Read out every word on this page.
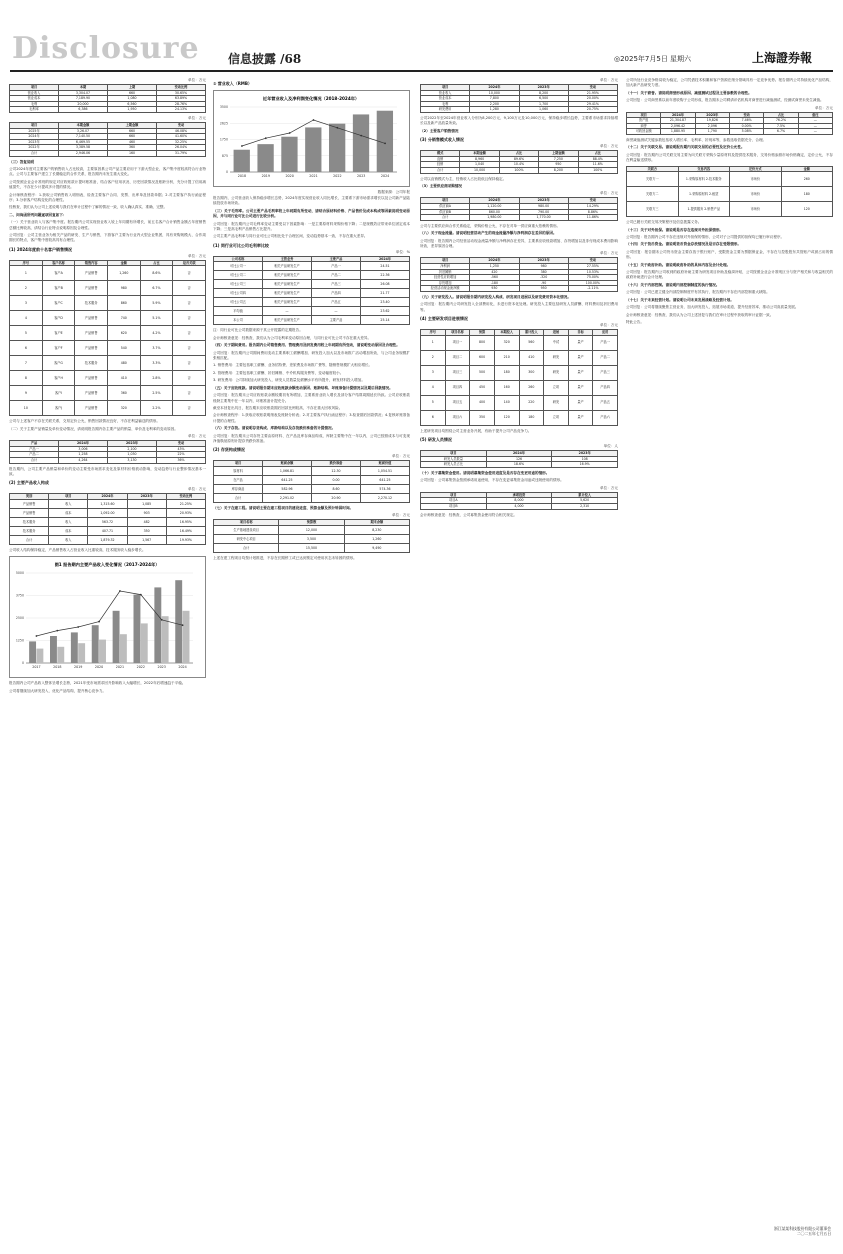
Disclosure 信息披露 /68	◎2025年7月5日 星期六	上海證券報
单位：万元
项目	本期	上期	变动比例
营业收入	3,304.07	660	30.65%
营业成本	7,189.90	1,080	63.89%
毛利	20,000	6,560	28.76%
毛利率	6,386	1,950	24.13%
单位：万元
项目	本期金额	上期金额	变动
2025年	3,26.07	660	46.08%
2024年	7,140.50	660	41.60%
2023年	6,469.55	460	32.25%
2022年	3,389.58	360	26.04%
合计	2,946.06	160	31.79%

（三）答复说明

公司2024年度对主要客户的销售收入占比较高，主要原因系公司产品主要应用于下游大型企业，客户集中度较高符合行业特点。公司与主要客户建立了长期稳定的合作关系，报告期内未发生重大变化。

公司按照企业会计准则的规定对应收账款计提坏账准备，结合客户信用状况、历史回款情况及账龄分析，充分计提了信用减值损失，不存在少计提或多计提的情况。

会计师核查程序：1.获取公司销售收入明细表，检查主要客户合同、发票、出库单及回款单据；2.对主要客户执行函证程序；3.分析客户结构变化的合理性。

经核查，我们认为公司上述说明与我们在审计过程中了解的情况一致，收入确认真实、准确、完整。

二、问询函所列问题逐项回复如下：

（一）关于营业收入与客户集中度。报告期内公司实现营业收入较上年同期有所增长，前五名客户合计销售金额占年度销售总额比例较高，请结合行业特点说明原因及合理性。

公司回复：公司主营业务为相关产品的研发、生产与销售，下游客户主要为行业内大型企业集团，具有采购规模大、合作周期长的特点，客户集中度较高具有合理性。

(1) 2024年度前十名客户销售情况
单位：万元
序号	客户名称	销售内容	金额	占比	是否关联
1	客户A	产品销售	1,260	8.6%	否
2	客户B	产品销售	980	6.7%	否
3	客户C	技术服务	860	5.9%	否
4	客户D	产品销售	740	5.1%	否
5	客户E	产品销售	620	4.2%	否
6	客户F	产品销售	540	3.7%	否
7	客户G	技术服务	480	3.3%	否
8	客户H	产品销售	410	2.8%	否
9	客户I	产品销售	360	2.5%	否
10	客户J	产品销售	320	2.2%	否

公司与上述客户不存在关联关系，交易定价公允，销售回款情况良好，不存在利益输送的情形。

（二）关于主要产品销量及单价变动情况，请说明报告期内各主要产品的销量、单价及毛利率的变动原因。

单位：万元
产品	2024年	2023年	变动
产品一	3,006	2,100	43%
产品二	1,258	1,030	22%
合计	4,264	3,130	36%

报告期内，公司主要产品销量和单价的变动主要受市场需求变化及原材料价格波动影响，变动趋势与行业整体情况基本一致。

(2) 主要产品收入构成
单位：万元
类别	项目	2024年	2023年	变动比例
产品销售	收入	1,315.60	1,085	21.25%
产品销售	成本	1,092.00	903	20.93%
技术服务	收入	563.72	482	16.95%
技术服务	成本	407.71	350	16.49%
合计	收入	1,879.32	1,567	19.93%

公司收入结构保持稳定，产品销售收入占营业收入比重较高，技术服务收入稳步增长。

图1 报告期内主要产品收入变化情况（2017-2024年）
0
1250
2500
3750
5000
2017	2018	2019	2020	2021	2022	2023	2024

报告期内公司产品收入整体呈增长态势，2021年受市场需求回升影响收入大幅增长，2022年后增速趋于平稳。

公司将继续加大研发投入，优化产品结构，提升核心竞争力。

② 营业收入（RMB）
近年营业收入及净利润变化情况（2018-2024年）
0
875
1750
2625
3500
2018	2019	2020	2021	2022	2023	2024
数据来源：公司年报

报告期内，公司营业收入保持稳步增长态势，2024年度实现营业收入同比增长，主要系下游市场需求增长以及公司新产品陆续投放市场所致。

（三）关于毛利率。公司主要产品毛利率较上年同期有所变动，请结合原材料价格、产品售价及成本构成等因素说明变动原因，并与同行业可比公司进行比较分析。

公司回复：报告期内公司毛利率变动主要受以下因素影响：一是主要原材料采购价格下降；二是规模效应带来单位固定成本下降；三是高毛利产品销售占比提升。

公司主要产品毛利率与同行业可比公司相比处于合理区间，变动趋势基本一致，不存在重大差异。

(1) 同行业可比公司毛利率比较
单位：%
公司名称	主营业务	主要产品	2024年
可比公司一	相关产品研发生产	产品一	24.51
可比公司二	相关产品研发生产	产品二	22.36
可比公司三	相关产品研发生产	产品三	26.08
可比公司四	相关产品研发生产	产品四	21.77
可比公司五	相关产品研发生产	产品五	23.40
平均值	—	—	23.62
本公司	相关产品研发生产	主要产品	25.14

注：同行业可比公司数据来源于其公开披露的定期报告。

会计师核查意见：经核查，我们认为公司毛利率变动原因合理，与同行业可比公司不存在重大差异。

（四）关于期间费用。报告期内公司销售费用、管理费用及研发费用较上年同期有所变动，请说明变动原因及合理性。

公司回复：报告期内公司期间费用变动主要系职工薪酬增加、研发投入加大以及市场推广活动增加所致，与公司业务规模扩张相匹配。

1. 销售费用：主要包括职工薪酬、业务招待费、差旅费及市场推广费等，随销售规模扩大相应增长。

2. 管理费用：主要包括职工薪酬、折旧摊销、中介机构服务费等，变动幅度较小。

3. 研发费用：公司持续加大研发投入，研发人员数量及薪酬水平有所提升，研发材料投入增加。

（五）关于应收账款。请说明报告期末应收账款余额变动原因、账龄结构、坏账准备计提情况以及期后回款情况。

公司回复：报告期末公司应收账款余额较期初有所增加，主要系营业收入增长及部分客户结算周期延长所致。公司应收账款账龄主要集中在一年以内，坏账准备计提充分。

截至本回复出具日，报告期末应收账款期后回款比例较高，不存在重大回收风险。

会计师核查程序：1.获取应收账款明细表及账龄分析表；2.对主要客户执行函证程序；3.检查期后回款情况；4.复核坏账准备计提的合理性。

（六）关于存货。请说明存货构成、库龄结构以及存货跌价准备的计提情况。

公司回复：报告期末公司存货主要由原材料、在产品及库存商品构成，库龄主要集中在一年以内，公司已按照成本与可变现净值孰低原则计提存货跌价准备。

(2) 存货构成情况
单位：万元
项目	账面余额	跌价准备	账面价值
原材料	1,066.81	12.30	1,054.51
在产品	641.25	0.00	641.25
库存商品	582.96	8.60	574.36
合计	2,291.02	20.90	2,270.12

（七）关于在建工程。请说明主要在建工程项目的建设进度、预算金额及预计转固时间。

单位：万元
项目名称	预算数	期末余额
生产基地建设项目	12,000	8,230
研发中心项目	3,500	1,260
合计	15,500	9,490

上述在建工程项目均按计划推进，不存在长期停工或已达到预定可使用状态未转固的情形。

单位：万元
项目	2024年	2023年	变动
营业收入	10,000	8,200	21.95%
营业成本	7,800	6,500	20.00%
毛利	2,200	1,700	29.41%
研发费用	1,280	1,060	20.75%

公司2022年至2024年营业收入分别为8,200万元、9,100万元及10,000万元，保持稳步增长趋势，主要系市场需求持续增长以及新产品放量所致。

（2）主要客户销售情况

(3) 分销售模式收入情况
单位：万元
模式	本期金额	占比	上期金额	占比
直销	8,960	89.6%	7,250	88.4%
经销	1,040	10.4%	950	11.6%
合计	10,000	100%	8,200	100%

公司以直销模式为主，经销收入占比较低且保持稳定。

（3）主要供应商采购情况

单位：万元
项目	2024年	2023年	变动
供应商A	1,120.00	980.00	14.29%
供应商B	860.00	790.00	8.86%
合计	1,980.00	1,770.00	11.86%

公司与主要供应商合作关系稳定，采购价格公允，不存在对单一供应商重大依赖的情形。

（八）关于现金流量。请说明经营活动产生的现金流量净额与净利润存在差异的原因。

公司回复：报告期内公司经营活动现金流量净额与净利润存在差异，主要系应收账款增加、存货增加以及非付现成本费用影响所致，差异原因合理。

单位：万元
项目	2024年	2023年	变动
净利润	1,250	980	27.55%
折旧摊销	420	380	10.53%
经营性应收增加	-560	-320	75.00%
存货增加	-180	-90	100.00%
经营活动现金流净额	930	950	-2.11%

（九）关于研发投入。请说明报告期内研发投入构成、研发项目进展以及研发费用资本化情况。

公司回复：报告期内公司研发投入全部费用化，未进行资本化处理。研发投入主要包括研发人员薪酬、材料费用及折旧费用等。

(4) 主要研发项目进展情况
单位：万元
序号	项目名称	预算	本期投入	累计投入	进展	目标	应用
1	项目一	800	320	560	中试	量产	产品一
2	项目二	600	210	410	研发	量产	产品二
3	项目三	500	180	300	研发	量产	产品三
4	项目四	450	160	260	立项	量产	产品四
5	项目五	400	140	220	研发	量产	产品五
6	项目六	350	120	180	立项	量产	产品六

上述研发项目均围绕公司主营业务开展，有助于提升公司产品竞争力。

(5) 研发人员情况
单位：人
项目	2024年	2023年
研发人员数量	126	108
研发人员占比	18.6%	16.9%

（十）关于募集资金使用。请说明募集资金使用进度及是否存在变更用途的情形。

公司回复：公司募集资金按照承诺用途使用，不存在变更募集资金用途或违规使用的情形。

单位：万元
项目	承诺投资	累计投入
项目A	8,000	5,620
项目B	4,000	2,310

会计师核查意见：经核查，公司募集资金使用符合相关规定。

公司所处行业竞争格局较为稳定，公司凭借技术积累和客户资源在细分领域具有一定竞争优势。报告期内公司持续优化产品结构，加大新产品研发力度。

（十一）关于商誉。请说明商誉形成原因、减值测试过程及主要参数的合理性。

公司回复：公司商誉系以前年度收购子公司形成，报告期末公司聘请评估机构对商誉进行减值测试，经测试商誉未发生减值。

单位：万元
项目	2024年	2023年	变动	占比	备注
资产组	21,304.87	19,826	7.46%	76.2%	—
商誉	2,096.42	2,096	0.00%	7.5%	—
可收回金额	1,880.95	1,790	5.08%	6.7%	—

商誉减值测试关键参数包括收入增长率、毛利率、折现率等，参数选取依据充分、合理。

（十二）关于关联交易。请说明报告期内关联交易的必要性及定价公允性。

公司回复：报告期内公司关联交易主要为向关联方采购少量原材料及提供技术服务，交易价格参照市场价格确定，定价公允，不存在利益输送情形。

关联方	交易内容	定价方式	金额
关联方一	1.采购原材料 2.技术服务	市场价	260
关联方二	1.采购原材料 2.租赁	市场价	180
关联方三	1.提供服务 2.销售产品	市场价	120

公司已履行关联交易决策程序及信息披露义务。

（十三）关于对外担保。请说明是否存在违规对外担保情形。

公司回复：报告期内公司不存在违规对外担保的情形，公司对子公司提供的担保均已履行审议程序。

（十四）关于货币资金。请说明货币资金存放情况及是否存在受限情形。

公司回复：报告期末公司货币资金主要存放于银行账户，受限资金主要为票据保证金，不存在与控股股东共管账户或被占用的情形。

（十五）关于政府补助。请说明政府补助的具体内容及会计处理。

公司回复：报告期内公司收到的政府补助主要为研发项目补助及稳岗补贴，公司按照企业会计准则区分与资产相关和与收益相关的政府补助进行会计处理。

（十六）关于内部控制。请说明内部控制制度的执行情况。

公司回复：公司已建立健全内部控制制度并有效执行，报告期内不存在内部控制重大缺陷。

（十七）关于未来经营计划。请说明公司未来发展战略及经营计划。

公司回复：公司将继续聚焦主营业务，加大研发投入，拓展市场渠道，提升经营效率，推动公司高质量发展。

会计师核查意见：经核查，我们认为公司上述回复与我们在审计过程中获取的审计证据一致。

特此公告。

浙江某某科技股份有限公司董事会
二〇二五年七月五日
